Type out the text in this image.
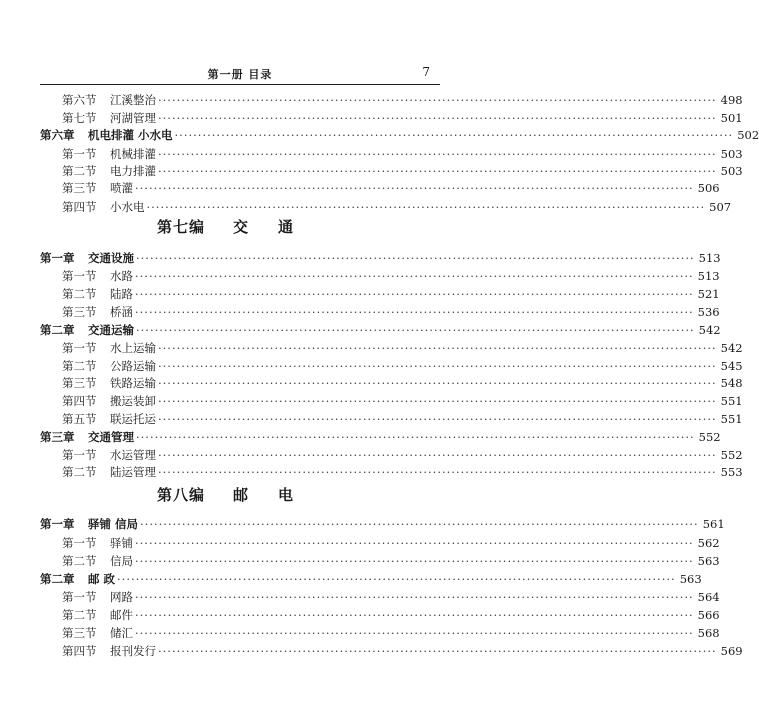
第一册 目录	7
第六节	江溪整治 ························································································································ 498
第七节	河湖管理 ························································································································ 501
第六章	机电排灌 小水电 ························································································································ 502
第一节	机械排灌 ························································································································ 503
第二节	电力排灌 ························································································································ 503
第三节	喷灌 ························································································································ 506
第四节	小水电 ························································································································ 507
第七编 交通
第一章	交通设施 ························································································································ 513
第一节	水路 ························································································································ 513
第二节	陆路 ························································································································ 521
第三节	桥涵 ························································································································ 536
第二章	交通运输 ························································································································ 542
第一节	水上运输 ························································································································ 542
第二节	公路运输 ························································································································ 545
第三节	铁路运输 ························································································································ 548
第四节	搬运装卸 ························································································································ 551
第五节	联运托运 ························································································································ 551
第三章	交通管理 ························································································································ 552
第一节	水运管理 ························································································································ 552
第二节	陆运管理 ························································································································ 553
第八编 邮电
第一章	驿铺 信局 ························································································································ 561
第一节	驿铺 ························································································································ 562
第二节	信局 ························································································································ 563
第二章	邮 政 ························································································································ 563
第一节	网路 ························································································································ 564
第二节	邮件 ························································································································ 566
第三节	储汇 ························································································································ 568
第四节	报刊发行 ························································································································ 569
